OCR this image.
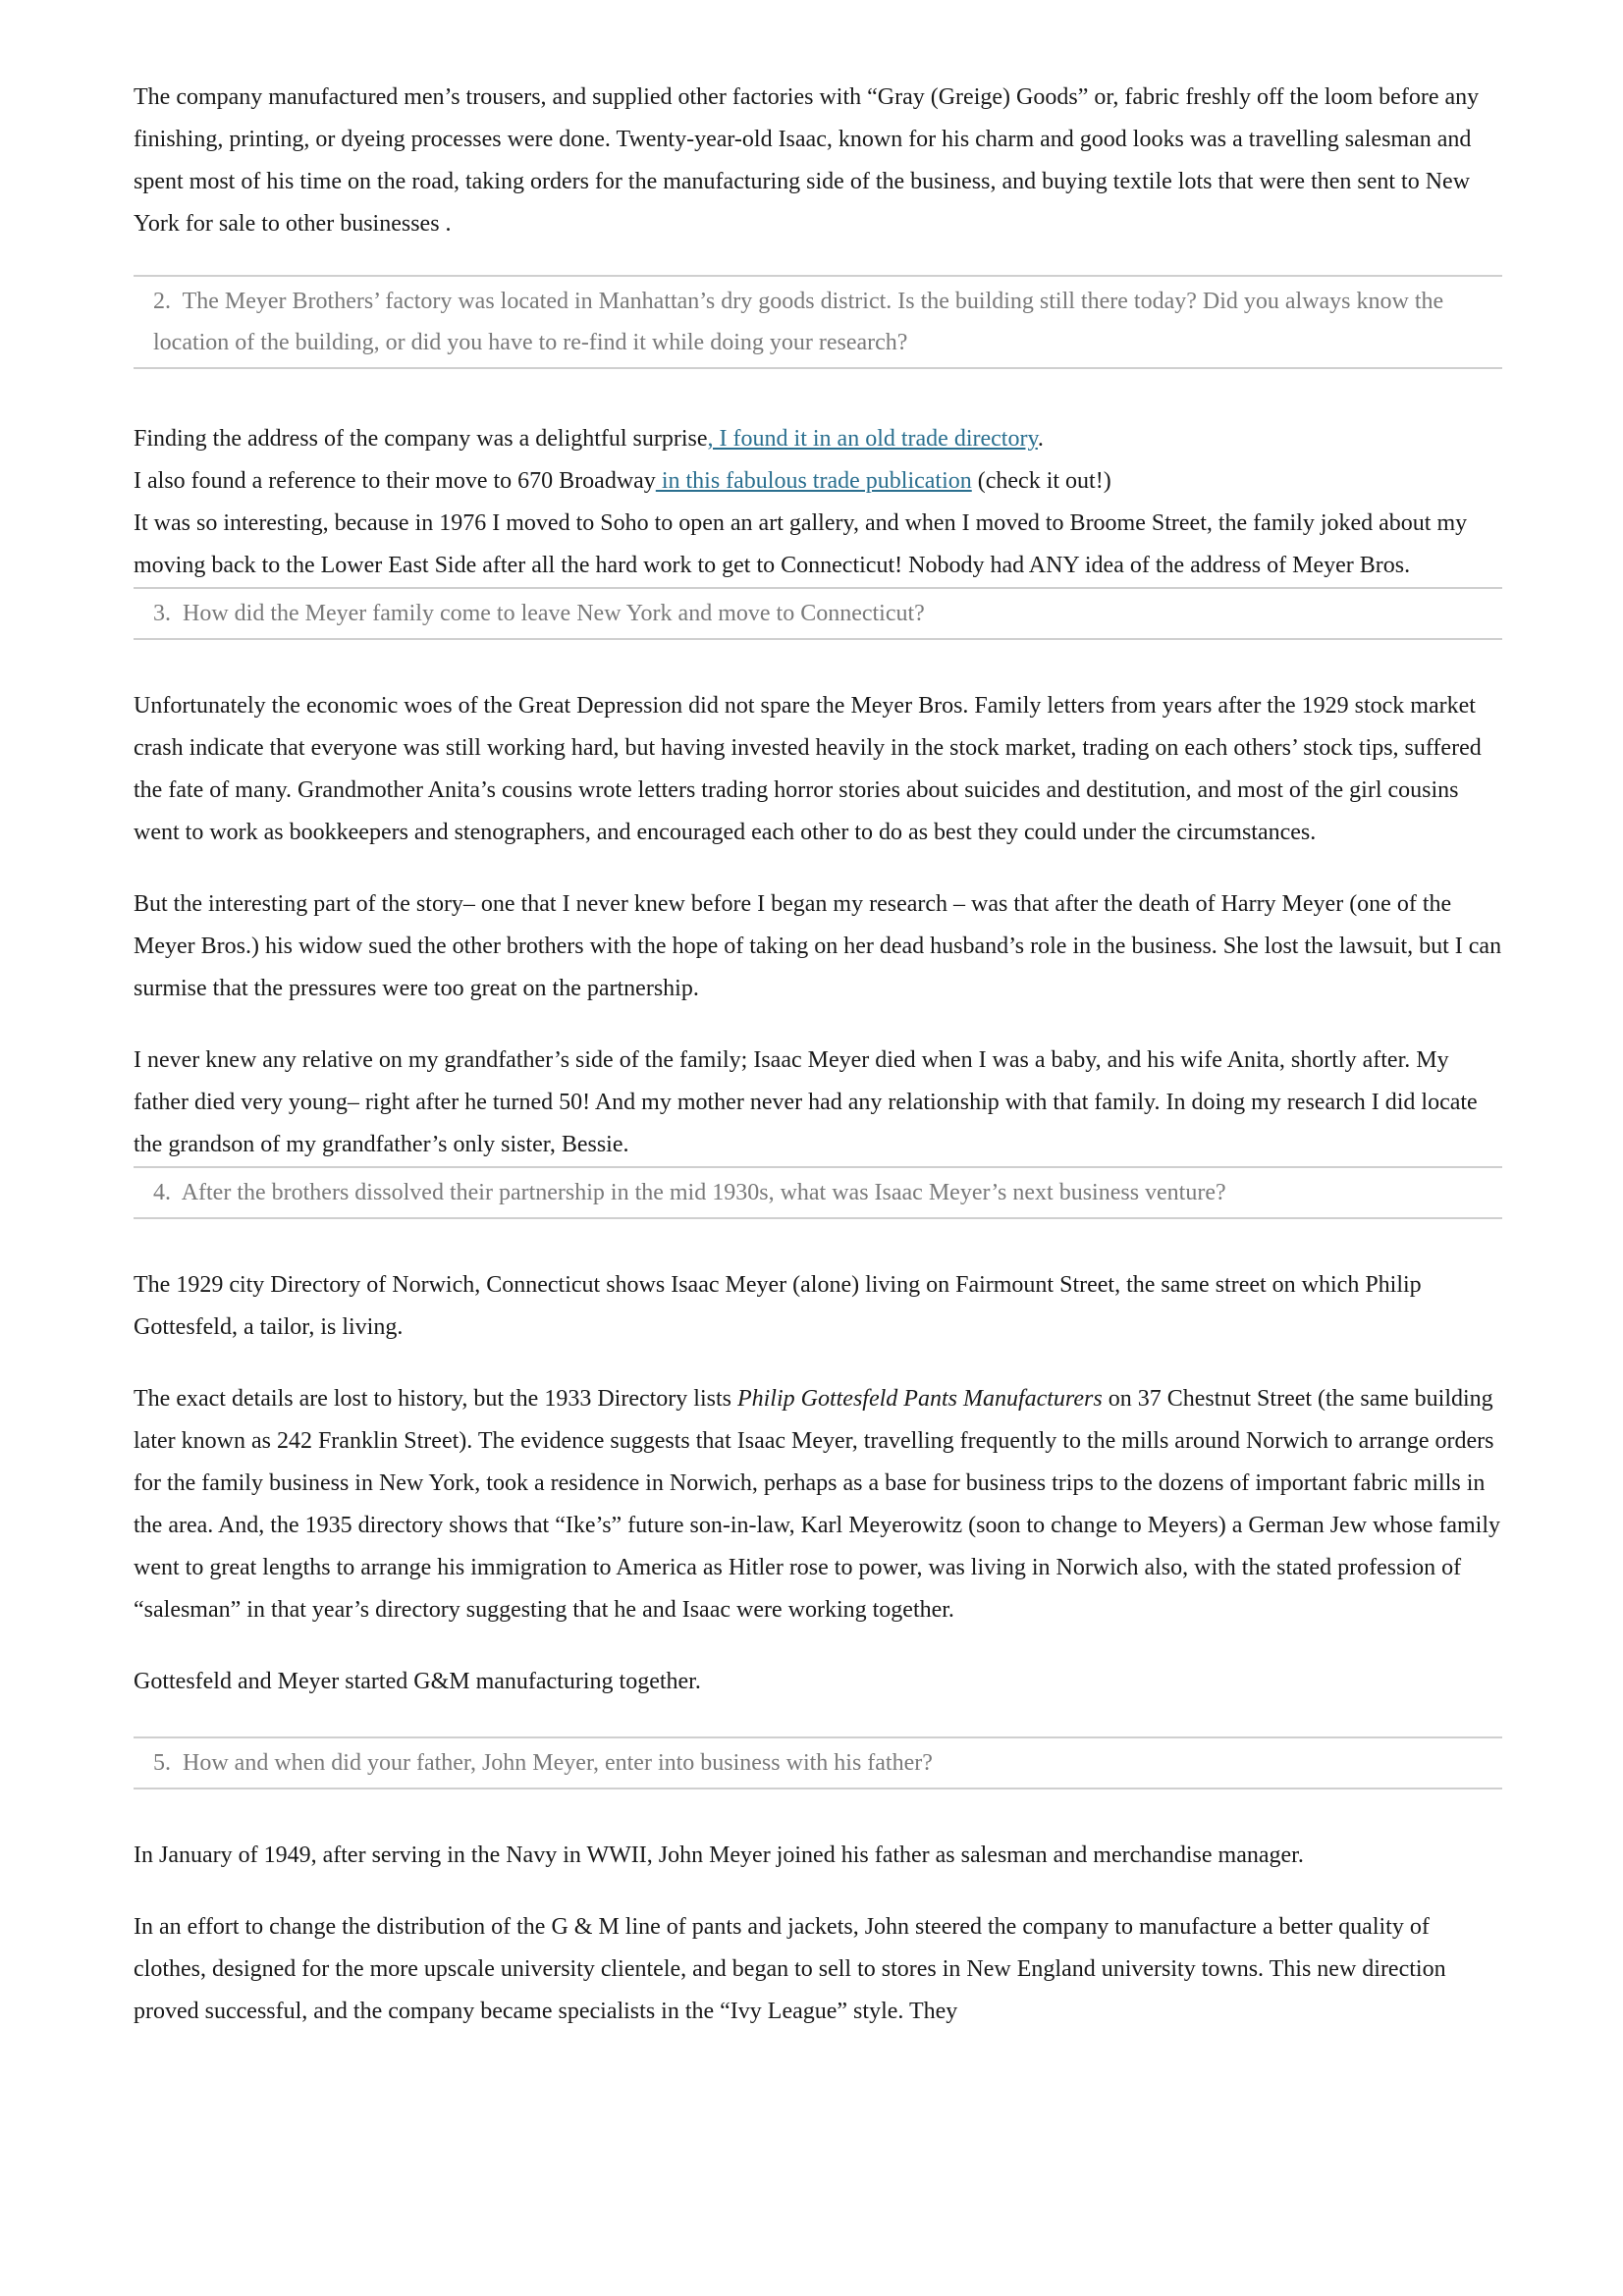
The company manufactured men’s trousers, and supplied other factories with “Gray (Greige) Goods” or, fabric freshly off the loom before any finishing, printing, or dyeing processes were done. Twenty-year-old Isaac, known for his charm and good looks was a travelling salesman and spent most of his time on the road, taking orders for the manufacturing side of the business, and buying textile lots that were then sent to New York for sale to other businesses .

2. The Meyer Brothers’ factory was located in Manhattan’s dry goods district. Is the building still there today? Did you always know the location of the building, or did you have to re-find it while doing your research?

Finding the address of the company was a delightful surprise, I found it in an old trade directory.

I also found a reference to their move to 670 Broadway in this fabulous trade publication (check it out!)

It was so interesting, because in 1976 I moved to Soho to open an art gallery, and when I moved to Broome Street, the family joked about my moving back to the Lower East Side after all the hard work to get to Connecticut! Nobody had ANY idea of the address of Meyer Bros.

3. How did the Meyer family come to leave New York and move to Connecticut?

Unfortunately the economic woes of the Great Depression did not spare the Meyer Bros. Family letters from years after the 1929 stock market crash indicate that everyone was still working hard, but having invested heavily in the stock market, trading on each others’ stock tips, suffered the fate of many. Grandmother Anita’s cousins wrote letters trading horror stories about suicides and destitution, and most of the girl cousins went to work as bookkeepers and stenographers, and encouraged each other to do as best they could under the circumstances.

But the interesting part of the story– one that I never knew before I began my research – was that after the death of Harry Meyer (one of the Meyer Bros.) his widow sued the other brothers with the hope of taking on her dead husband’s role in the business. She lost the lawsuit, but I can surmise that the pressures were too great on the partnership.

I never knew any relative on my grandfather’s side of the family; Isaac Meyer died when I was a baby, and his wife Anita, shortly after. My father died very young– right after he turned 50! And my mother never had any relationship with that family. In doing my research I did locate the grandson of my grandfather’s only sister, Bessie.

4. After the brothers dissolved their partnership in the mid 1930s, what was Isaac Meyer’s next business venture?

The 1929 city Directory of Norwich, Connecticut shows Isaac Meyer (alone) living on Fairmount Street, the same street on which Philip Gottesfeld, a tailor, is living.

The exact details are lost to history, but the 1933 Directory lists Philip Gottesfeld Pants Manufacturers on 37 Chestnut Street (the same building later known as 242 Franklin Street). The evidence suggests that Isaac Meyer, travelling frequently to the mills around Norwich to arrange orders for the family business in New York, took a residence in Norwich, perhaps as a base for business trips to the dozens of important fabric mills in the area. And, the 1935 directory shows that “Ike’s” future son-in-law, Karl Meyerowitz (soon to change to Meyers) a German Jew whose family went to great lengths to arrange his immigration to America as Hitler rose to power, was living in Norwich also, with the stated profession of “salesman” in that year’s directory suggesting that he and Isaac were working together.

Gottesfeld and Meyer started G&M manufacturing together.

5. How and when did your father, John Meyer, enter into business with his father?

In January of 1949, after serving in the Navy in WWII, John Meyer joined his father as salesman and merchandise manager.

In an effort to change the distribution of the G & M line of pants and jackets, John steered the company to manufacture a better quality of clothes, designed for the more upscale university clientele, and began to sell to stores in New England university towns. This new direction proved successful, and the company became specialists in the “Ivy League” style. They
